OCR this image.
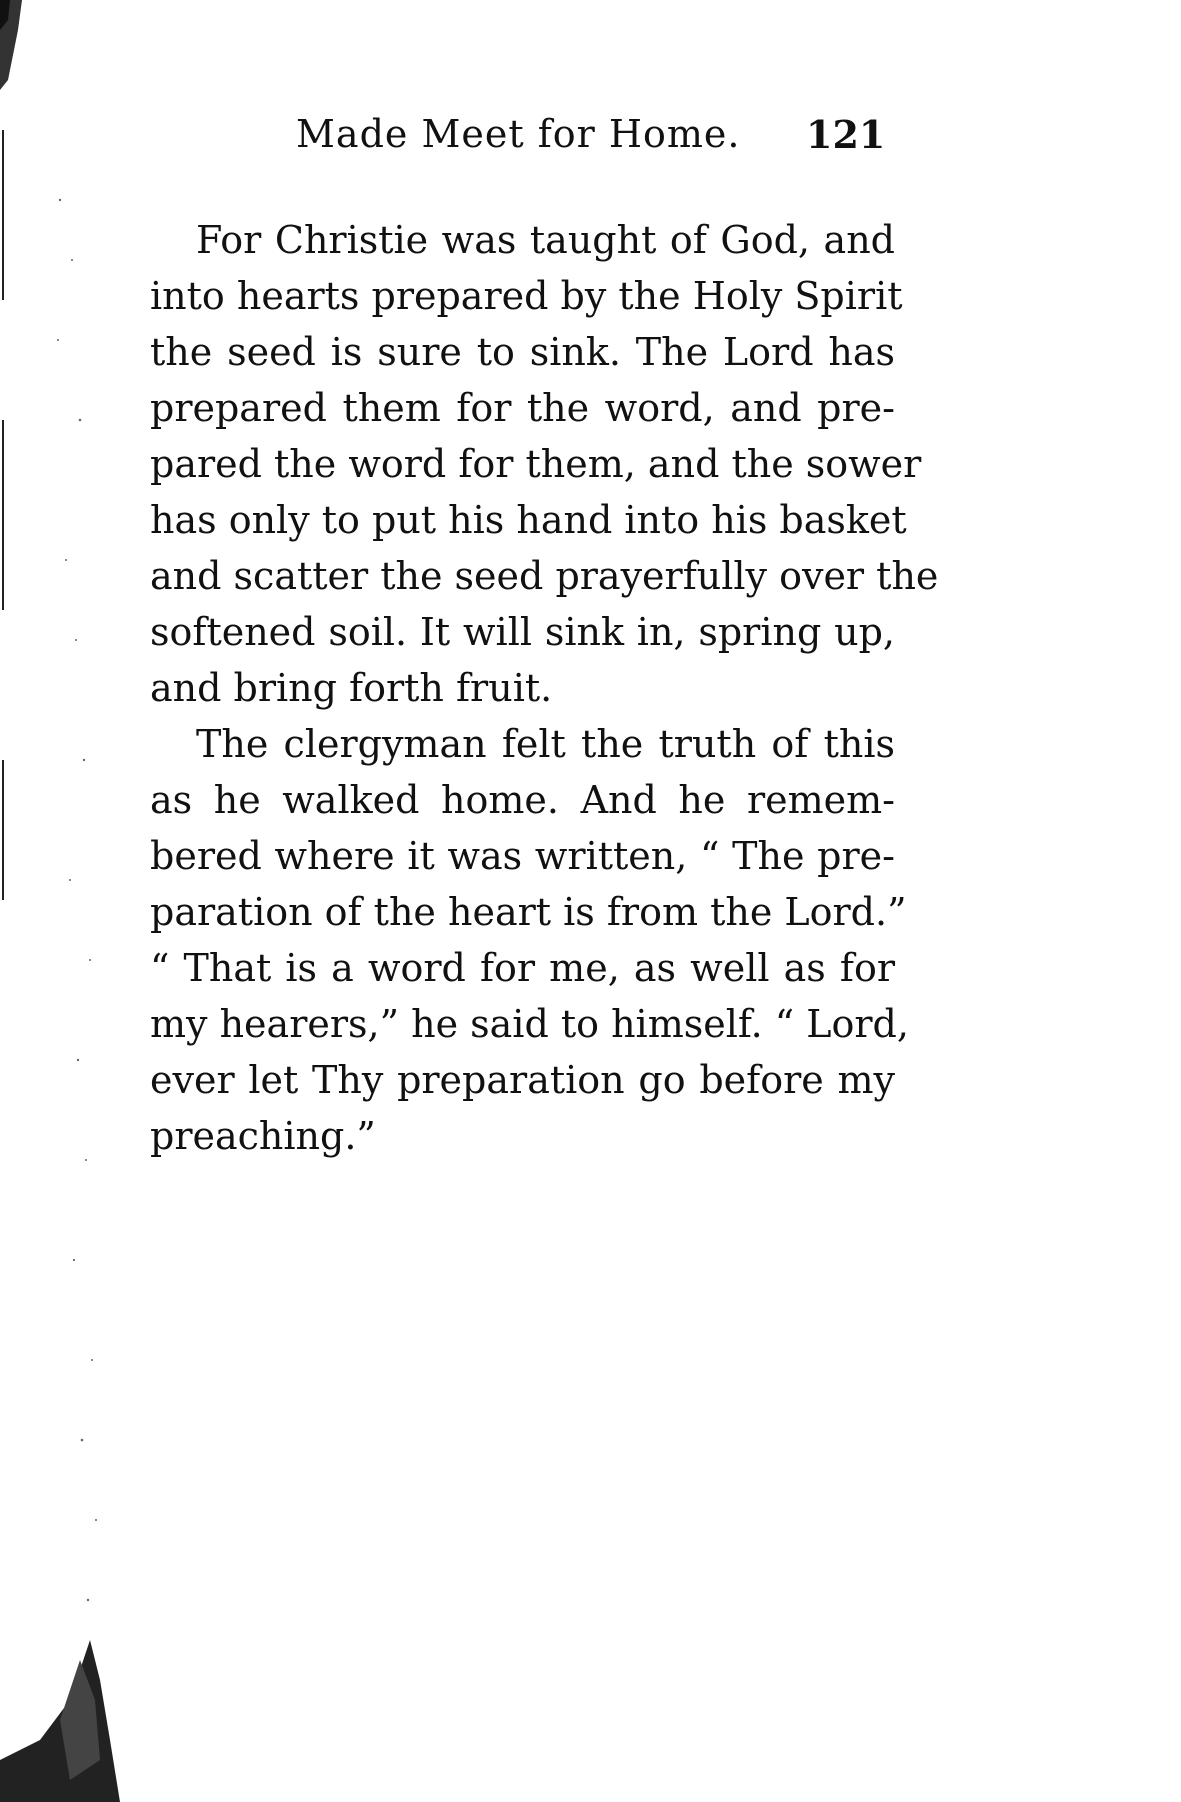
Made Meet for Home. 121
For Christie was taught of God, and
into hearts prepared by the Holy Spirit
the seed is sure to sink. The Lord has
prepared them for the word, and pre-
pared the word for them, and the sower
has only to put his hand into his basket
and scatter the seed prayerfully over the
softened soil. It will sink in, spring up,
and bring forth fruit.
The clergyman felt the truth of this
as he walked home. And he remem-
bered where it was written, “ The pre-
paration of the heart is from the Lord.”
“ That is a word for me, as well as for
my hearers,” he said to himself. “ Lord,
ever let Thy preparation go before my
preaching.”
